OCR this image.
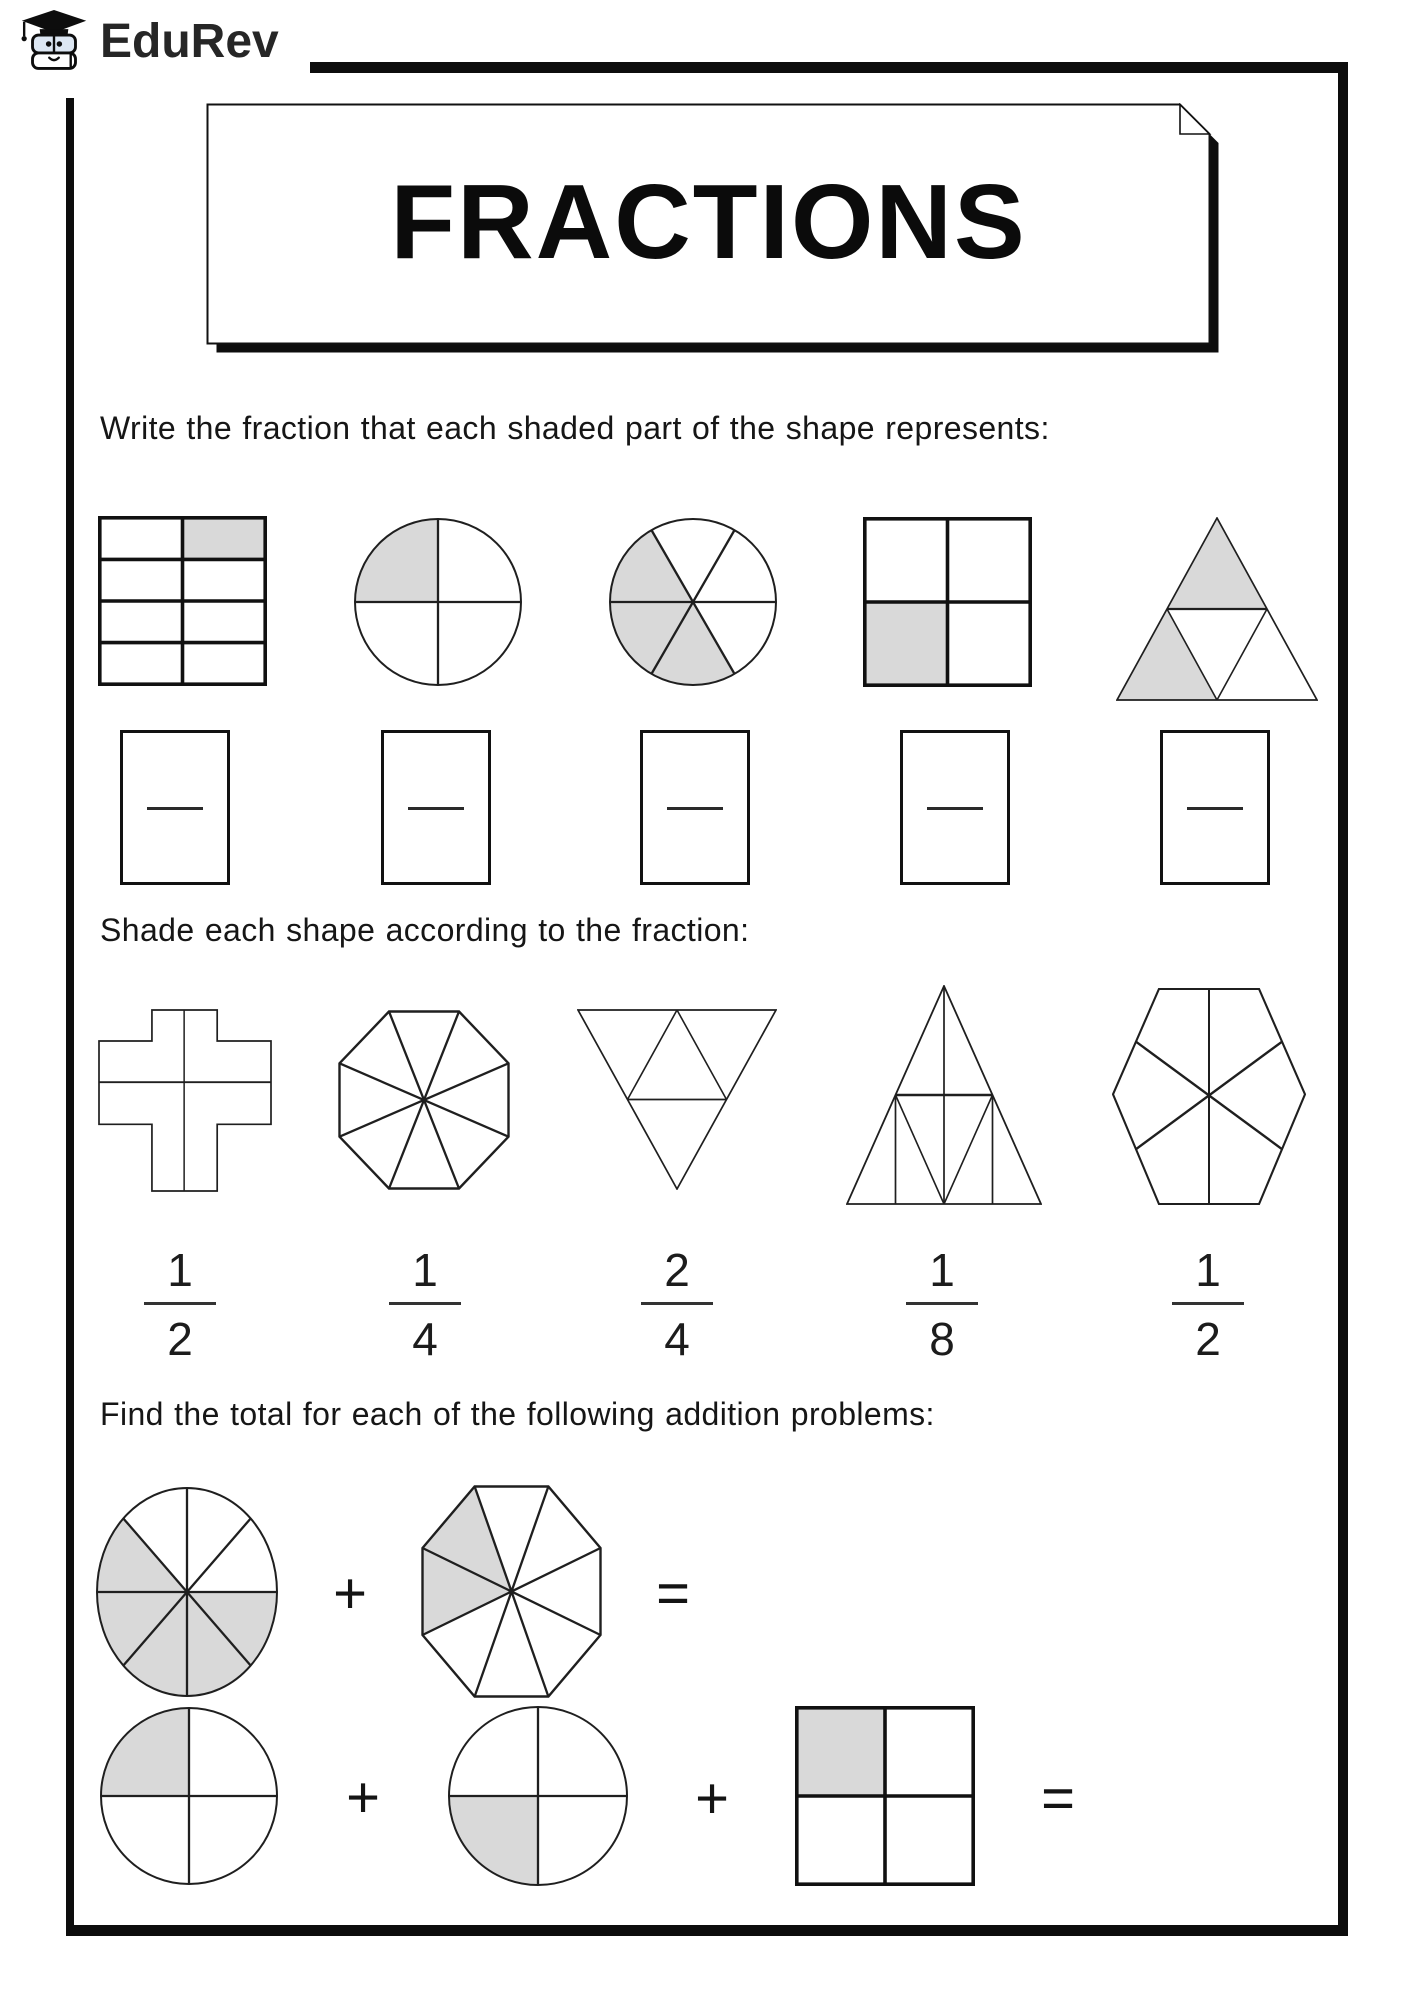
EduRev
FRACTIONS
Write the fraction that each shaded part of the shape represents:
Shade each shape according to the fraction:
1
2
1
4
2
4
1
8
1
2
Find the total for each of the following addition problems:
+	=
+	+	=
